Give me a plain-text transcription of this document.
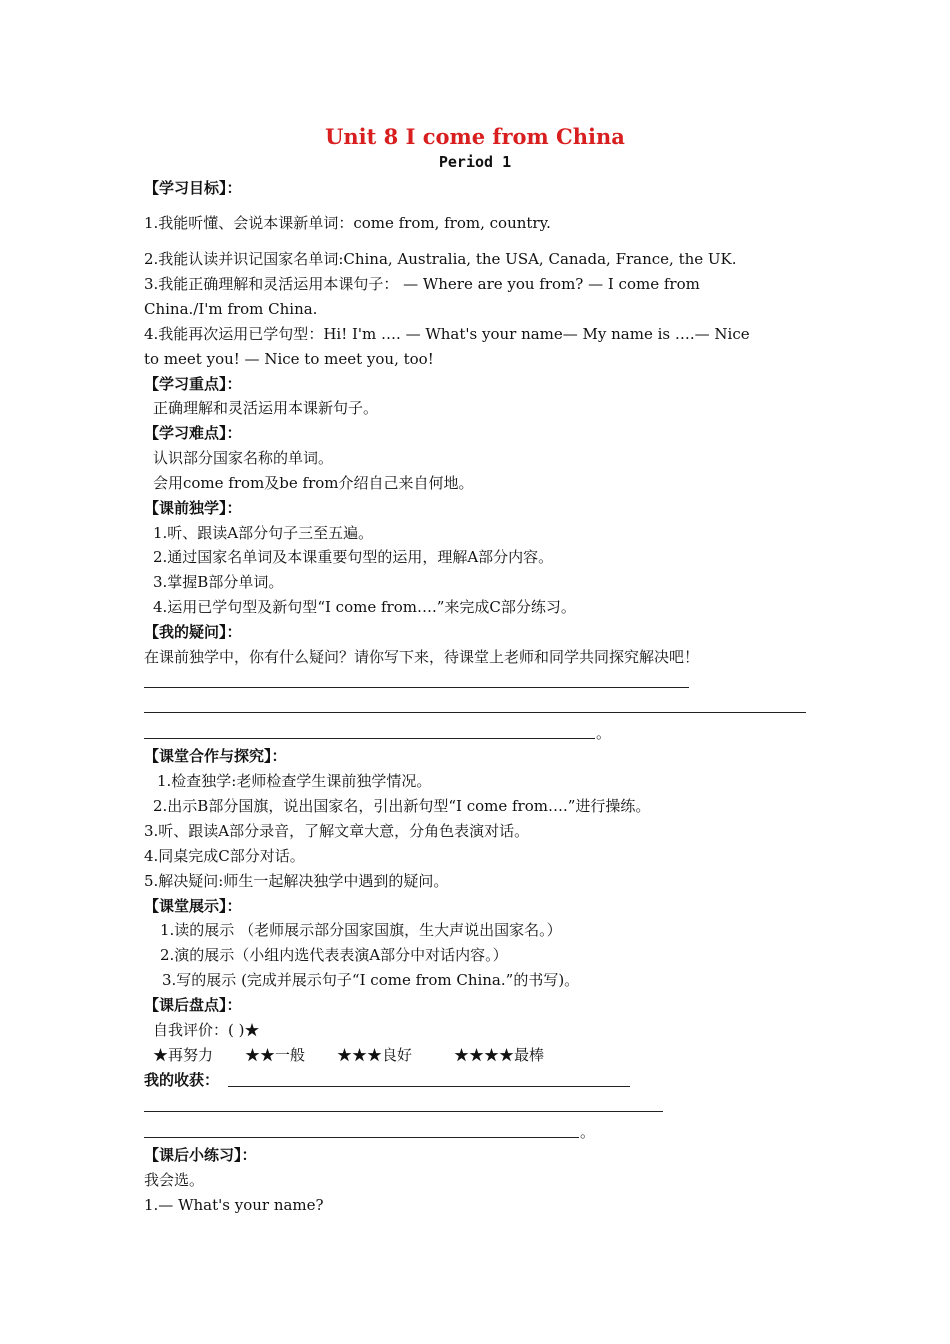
Unit 8 I come from China
Period 1
【学习目标】：
1.我能听懂、会说本课新单词：come from, from, country.
2.我能认读并识记国家名单词:China, Australia, the USA, Canada, France, the UK.
3.我能正确理解和灵活运用本课句子： — Where are you from? — I come from
China./I'm from China.
4.我能再次运用已学句型：Hi! I'm …. — What's your name— My name is ….— Nice
to meet you! — Nice to meet you, too!
【学习重点】：
正确理解和灵活运用本课新句子。
【学习难点】：
认识部分国家名称的单词。
会用come from及be from介绍自己来自何地。
【课前独学】：
1.听、跟读A部分句子三至五遍。
2.通过国家名单词及本课重要句型的运用，理解A部分内容。
3.掌握B部分单词。
4.运用已学句型及新句型“I come from….”来完成C部分练习。
【我的疑问】：
在课前独学中，你有什么疑问？请你写下来，待课堂上老师和同学共同探究解决吧！
。
【课堂合作与探究】：
1.检查独学:老师检查学生课前独学情况。
2.出示B部分国旗，说出国家名，引出新句型“I come from….”进行操练。
3.听、跟读A部分录音，了解文章大意，分角色表演对话。
4.同桌完成C部分对话。
5.解决疑问:师生一起解决独学中遇到的疑问。
【课堂展示】：
1.读的展示 （老师展示部分国家国旗，生大声说出国家名。）
2.演的展示（小组内选代表表演A部分中对话内容。）
3.写的展示 (完成并展示句子“I come from China.”的书写)。
【课后盘点】：
自我评价：( )★
★再努力 ★★一般 ★★★良好	★★★★最棒
我的收获：
。
【课后小练习】：
我会选。
1.— What's your name?
